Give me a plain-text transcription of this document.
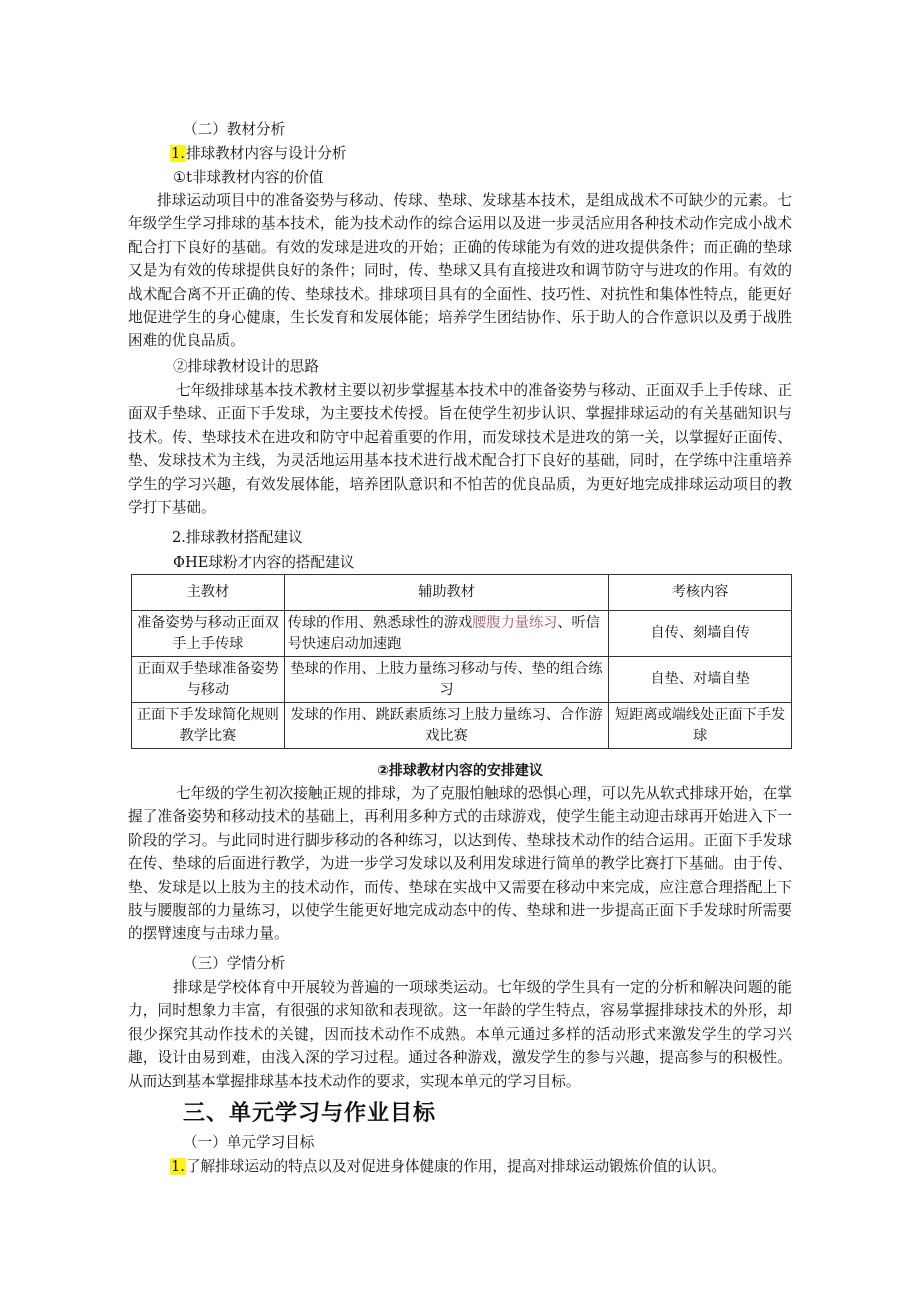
（二）教材分析
1.排球教材内容与设计分析
①t非球教材内容的价值
排球运动项目中的准备姿势与移动、传球、垫球、发球基本技术，是组成战术不可缺少的元素。七年级学生学习排球的基本技术，能为技术动作的综合运用以及进一步灵活应用各种技术动作完成小战术配合打下良好的基础。有效的发球是进攻的开始；正确的传球能为有效的进攻提供条件；而正确的垫球又是为有效的传球提供良好的条件；同时，传、垫球又具有直接进攻和调节防守与进攻的作用。有效的战术配合离不开正确的传、垫球技术。排球项目具有的全面性、技巧性、对抗性和集体性特点，能更好地促进学生的身心健康，生长发育和发展体能；培养学生团结协作、乐于助人的合作意识以及勇于战胜困难的优良品质。
②排球教材设计的思路
七年级排球基本技术教材主要以初步掌握基本技术中的准备姿势与移动、正面双手上手传球、正面双手垫球、正面下手发球，为主要技术传授。旨在使学生初步认识、掌握排球运动的有关基础知识与技术。传、垫球技术在进攻和防守中起着重要的作用，而发球技术是进攻的第一关，以掌握好正面传、垫、发球技术为主线，为灵活地运用基本技术进行战术配合打下良好的基础，同时，在学练中注重培养学生的学习兴趣，有效发展体能，培养团队意识和不怕苦的优良品质，为更好地完成排球运动项目的教学打下基础。
2.排球教材搭配建议
ΦHE球粉才内容的搭配建议
主教材	辅助教材	考核内容
准备姿势与移动正面双手上手传球	传球的作用、熟悉球性的游戏腰腹力量练习、听信号快速启动加速跑	自传、刻墙自传
正面双手垫球准备姿势与移动	垫球的作用、上肢力量练习移动与传、垫的组合练习	自垫、对墙自垫
正面下手发球简化规则教学比赛	发球的作用、跳跃素质练习上肢力量练习、合作游戏比赛	短距离或端线处正面下手发球
②排球教材内容的安排建议
七年级的学生初次接触正规的排球，为了克服怕触球的恐惧心理，可以先从软式排球开始，在掌握了准备姿势和移动技术的基础上，再利用多种方式的击球游戏，使学生能主动迎击球再开始进入下一阶段的学习。与此同时进行脚步移动的各种练习，以达到传、垫球技术动作的结合运用。正面下手发球在传、垫球的后面进行教学，为进一步学习发球以及利用发球进行简单的教学比赛打下基础。由于传、垫、发球是以上肢为主的技术动作，而传、垫球在实战中又需要在移动中来完成，应注意合理搭配上下肢与腰腹部的力量练习，以使学生能更好地完成动态中的传、垫球和进一步提高正面下手发球时所需要的摆臂速度与击球力量。
（三）学情分析
排球是学校体育中开展较为普遍的一项球类运动。七年级的学生具有一定的分析和解决问题的能力，同时想象力丰富，有很强的求知欲和表现欲。这一年龄的学生特点，容易掌握排球技术的外形，却很少探究其动作技术的关键，因而技术动作不成熟。本单元通过多样的活动形式来激发学生的学习兴趣，设计由易到难，由浅入深的学习过程。通过各种游戏，激发学生的参与兴趣，提高参与的积极性。从而达到基本掌握排球基本技术动作的要求，实现本单元的学习目标。
三、单元学习与作业目标
（一）单元学习目标
1.了解排球运动的特点以及对促进身体健康的作用，提高对排球运动锻炼价值的认识。
